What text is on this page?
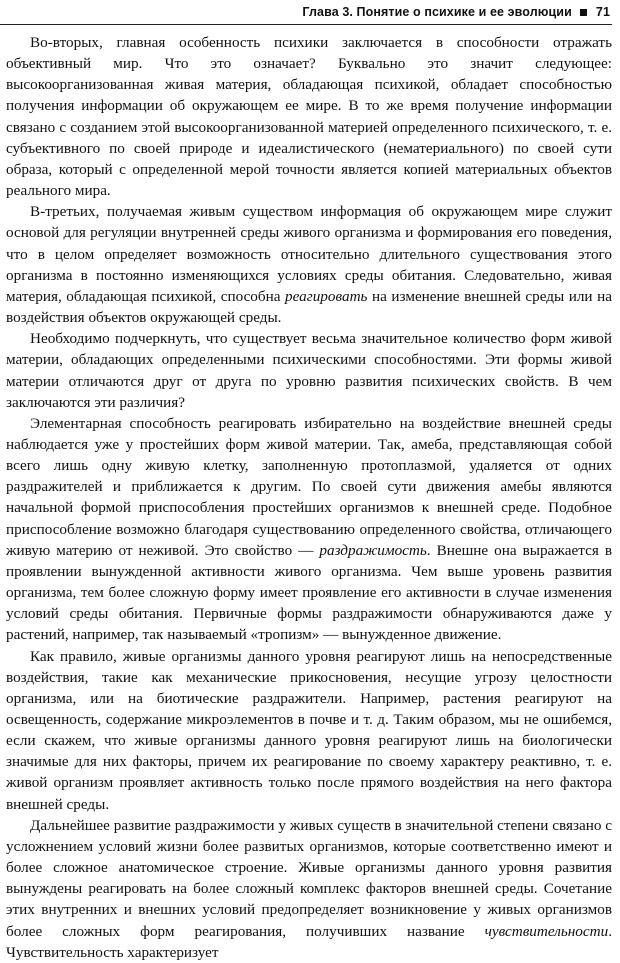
Глава 3. Понятие о психике и ее эволюции 71

Во-вторых, главная особенность психики заключается в способности отражать объективный мир. Что это означает? Буквально это значит следующее: высокоорганизованная живая материя, обладающая психикой, обладает способностью получения информации об окружающем ее мире. В то же время получение информации связано с созданием этой высокоорганизованной материей определенного психического, т. е. субъективного по своей природе и идеалистического (нематериального) по своей сути образа, который с определенной мерой точности является копией материальных объектов реального мира.

В-третьих, получаемая живым существом информация об окружающем мире служит основой для регуляции внутренней среды живого организма и формирования его поведения, что в целом определяет возможность относительно длительного существования этого организма в постоянно изменяющихся условиях среды обитания. Следовательно, живая материя, обладающая психикой, способна реагировать на изменение внешней среды или на воздействия объектов окружающей среды.

Необходимо подчеркнуть, что существует весьма значительное количество форм живой материи, обладающих определенными психическими способностями. Эти формы живой материи отличаются друг от друга по уровню развития психических свойств. В чем заключаются эти различия?

Элементарная способность реагировать избирательно на воздействие внешней среды наблюдается уже у простейших форм живой материи. Так, амеба, представляющая собой всего лишь одну живую клетку, заполненную протоплазмой, удаляется от одних раздражителей и приближается к другим. По своей сути движения амебы являются начальной формой приспособления простейших организмов к внешней среде. Подобное приспособление возможно благодаря существованию определенного свойства, отличающего живую материю от неживой. Это свойство — раздражимость. Внешне она выражается в проявлении вынужденной активности живого организма. Чем выше уровень развития организма, тем более сложную форму имеет проявление его активности в случае изменения условий среды обитания. Первичные формы раздражимости обнаруживаются даже у растений, например, так называемый «тропизм» — вынужденное движение.

Как правило, живые организмы данного уровня реагируют лишь на непосредственные воздействия, такие как механические прикосновения, несущие угрозу целостности организма, или на биотические раздражители. Например, растения реагируют на освещенность, содержание микроэлементов в почве и т. д. Таким образом, мы не ошибемся, если скажем, что живые организмы данного уровня реагируют лишь на биологически значимые для них факторы, причем их реагирование по своему характеру реактивно, т. е. живой организм проявляет активность только после прямого воздействия на него фактора внешней среды.

Дальнейшее развитие раздражимости у живых существ в значительной степени связано с усложнением условий жизни более развитых организмов, которые соответственно имеют и более сложное анатомическое строение. Живые организмы данного уровня развития вынуждены реагировать на более сложный комплекс факторов внешней среды. Сочетание этих внутренних и внешних условий предопределяет возникновение у живых организмов более сложных форм реагирования, получивших название чувствительности. Чувствительность характеризует
